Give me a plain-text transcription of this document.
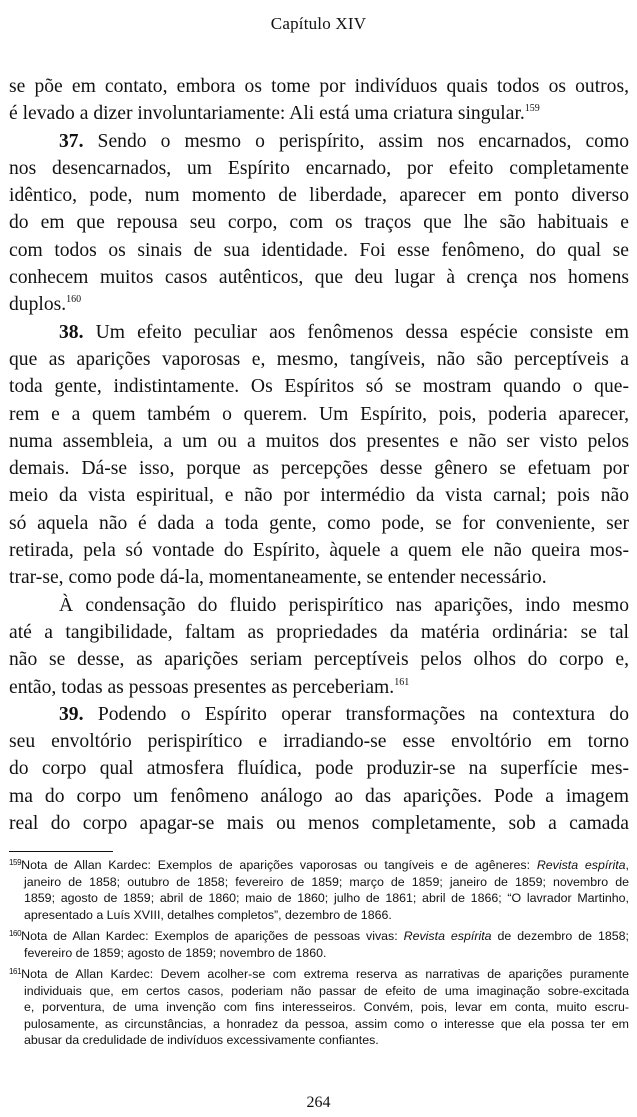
Capítulo XIV
se põe em contato, embora os tome por indivíduos quais todos os outros,
é levado a dizer involuntariamente: Ali está uma criatura singular.$^{159}$
37. Sendo o mesmo o perispírito, assim nos encarnados, como
nos desencarnados, um Espírito encarnado, por efeito completamente
idêntico, pode, num momento de liberdade, aparecer em ponto diverso
do em que repousa seu corpo, com os traços que lhe são habituais e
com todos os sinais de sua identidade. Foi esse fenômeno, do qual se
conhecem muitos casos autênticos, que deu lugar à crença nos homens
duplos.$^{160}$
38. Um efeito peculiar aos fenômenos dessa espécie consiste em
que as aparições vaporosas e, mesmo, tangíveis, não são perceptíveis a
toda gente, indistintamente. Os Espíritos só se mostram quando o que-
rem e a quem também o querem. Um Espírito, pois, poderia aparecer,
numa assembleia, a um ou a muitos dos presentes e não ser visto pelos
demais. Dá-se isso, porque as percepções desse gênero se efetuam por
meio da vista espiritual, e não por intermédio da vista carnal; pois não
só aquela não é dada a toda gente, como pode, se for conveniente, ser
retirada, pela só vontade do Espírito, àquele a quem ele não queira mos-
trar-se, como pode dá-la, momentaneamente, se entender necessário.
À condensação do fluido perispirítico nas aparições, indo mesmo
até a tangibilidade, faltam as propriedades da matéria ordinária: se tal
não se desse, as aparições seriam perceptíveis pelos olhos do corpo e,
então, todas as pessoas presentes as perceberiam.$^{161}$
39. Podendo o Espírito operar transformações na contextura do
seu envoltório perispirítico e irradiando-se esse envoltório em torno
do corpo qual atmosfera fluídica, pode produzir-se na superfície mes-
ma do corpo um fenômeno análogo ao das aparições. Pode a imagem
real do corpo apagar-se mais ou menos completamente, sob a camada
$^{159}$Nota de Allan Kardec: Exemplos de aparições vaporosas ou tangíveis e de agêneres: Revista espírita,
janeiro de 1858; outubro de 1858; fevereiro de 1859; março de 1859; janeiro de 1859; novembro de
1859; agosto de 1859; abril de 1860; maio de 1860; julho de 1861; abril de 1866; “O lavrador Martinho,
apresentado a Luís XVIII, detalhes completos”, dezembro de 1866.
$^{160}$Nota de Allan Kardec: Exemplos de aparições de pessoas vivas: Revista espírita de dezembro de 1858;
fevereiro de 1859; agosto de 1859; novembro de 1860.
$^{161}$Nota de Allan Kardec: Devem acolher-se com extrema reserva as narrativas de aparições puramente
individuais que, em certos casos, poderiam não passar de efeito de uma imaginação sobre-excitada
e, porventura, de uma invenção com fins interesseiros. Convém, pois, levar em conta, muito escru-
pulosamente, as circunstâncias, a honradez da pessoa, assim como o interesse que ela possa ter em
abusar da credulidade de indivíduos excessivamente confiantes.
264
